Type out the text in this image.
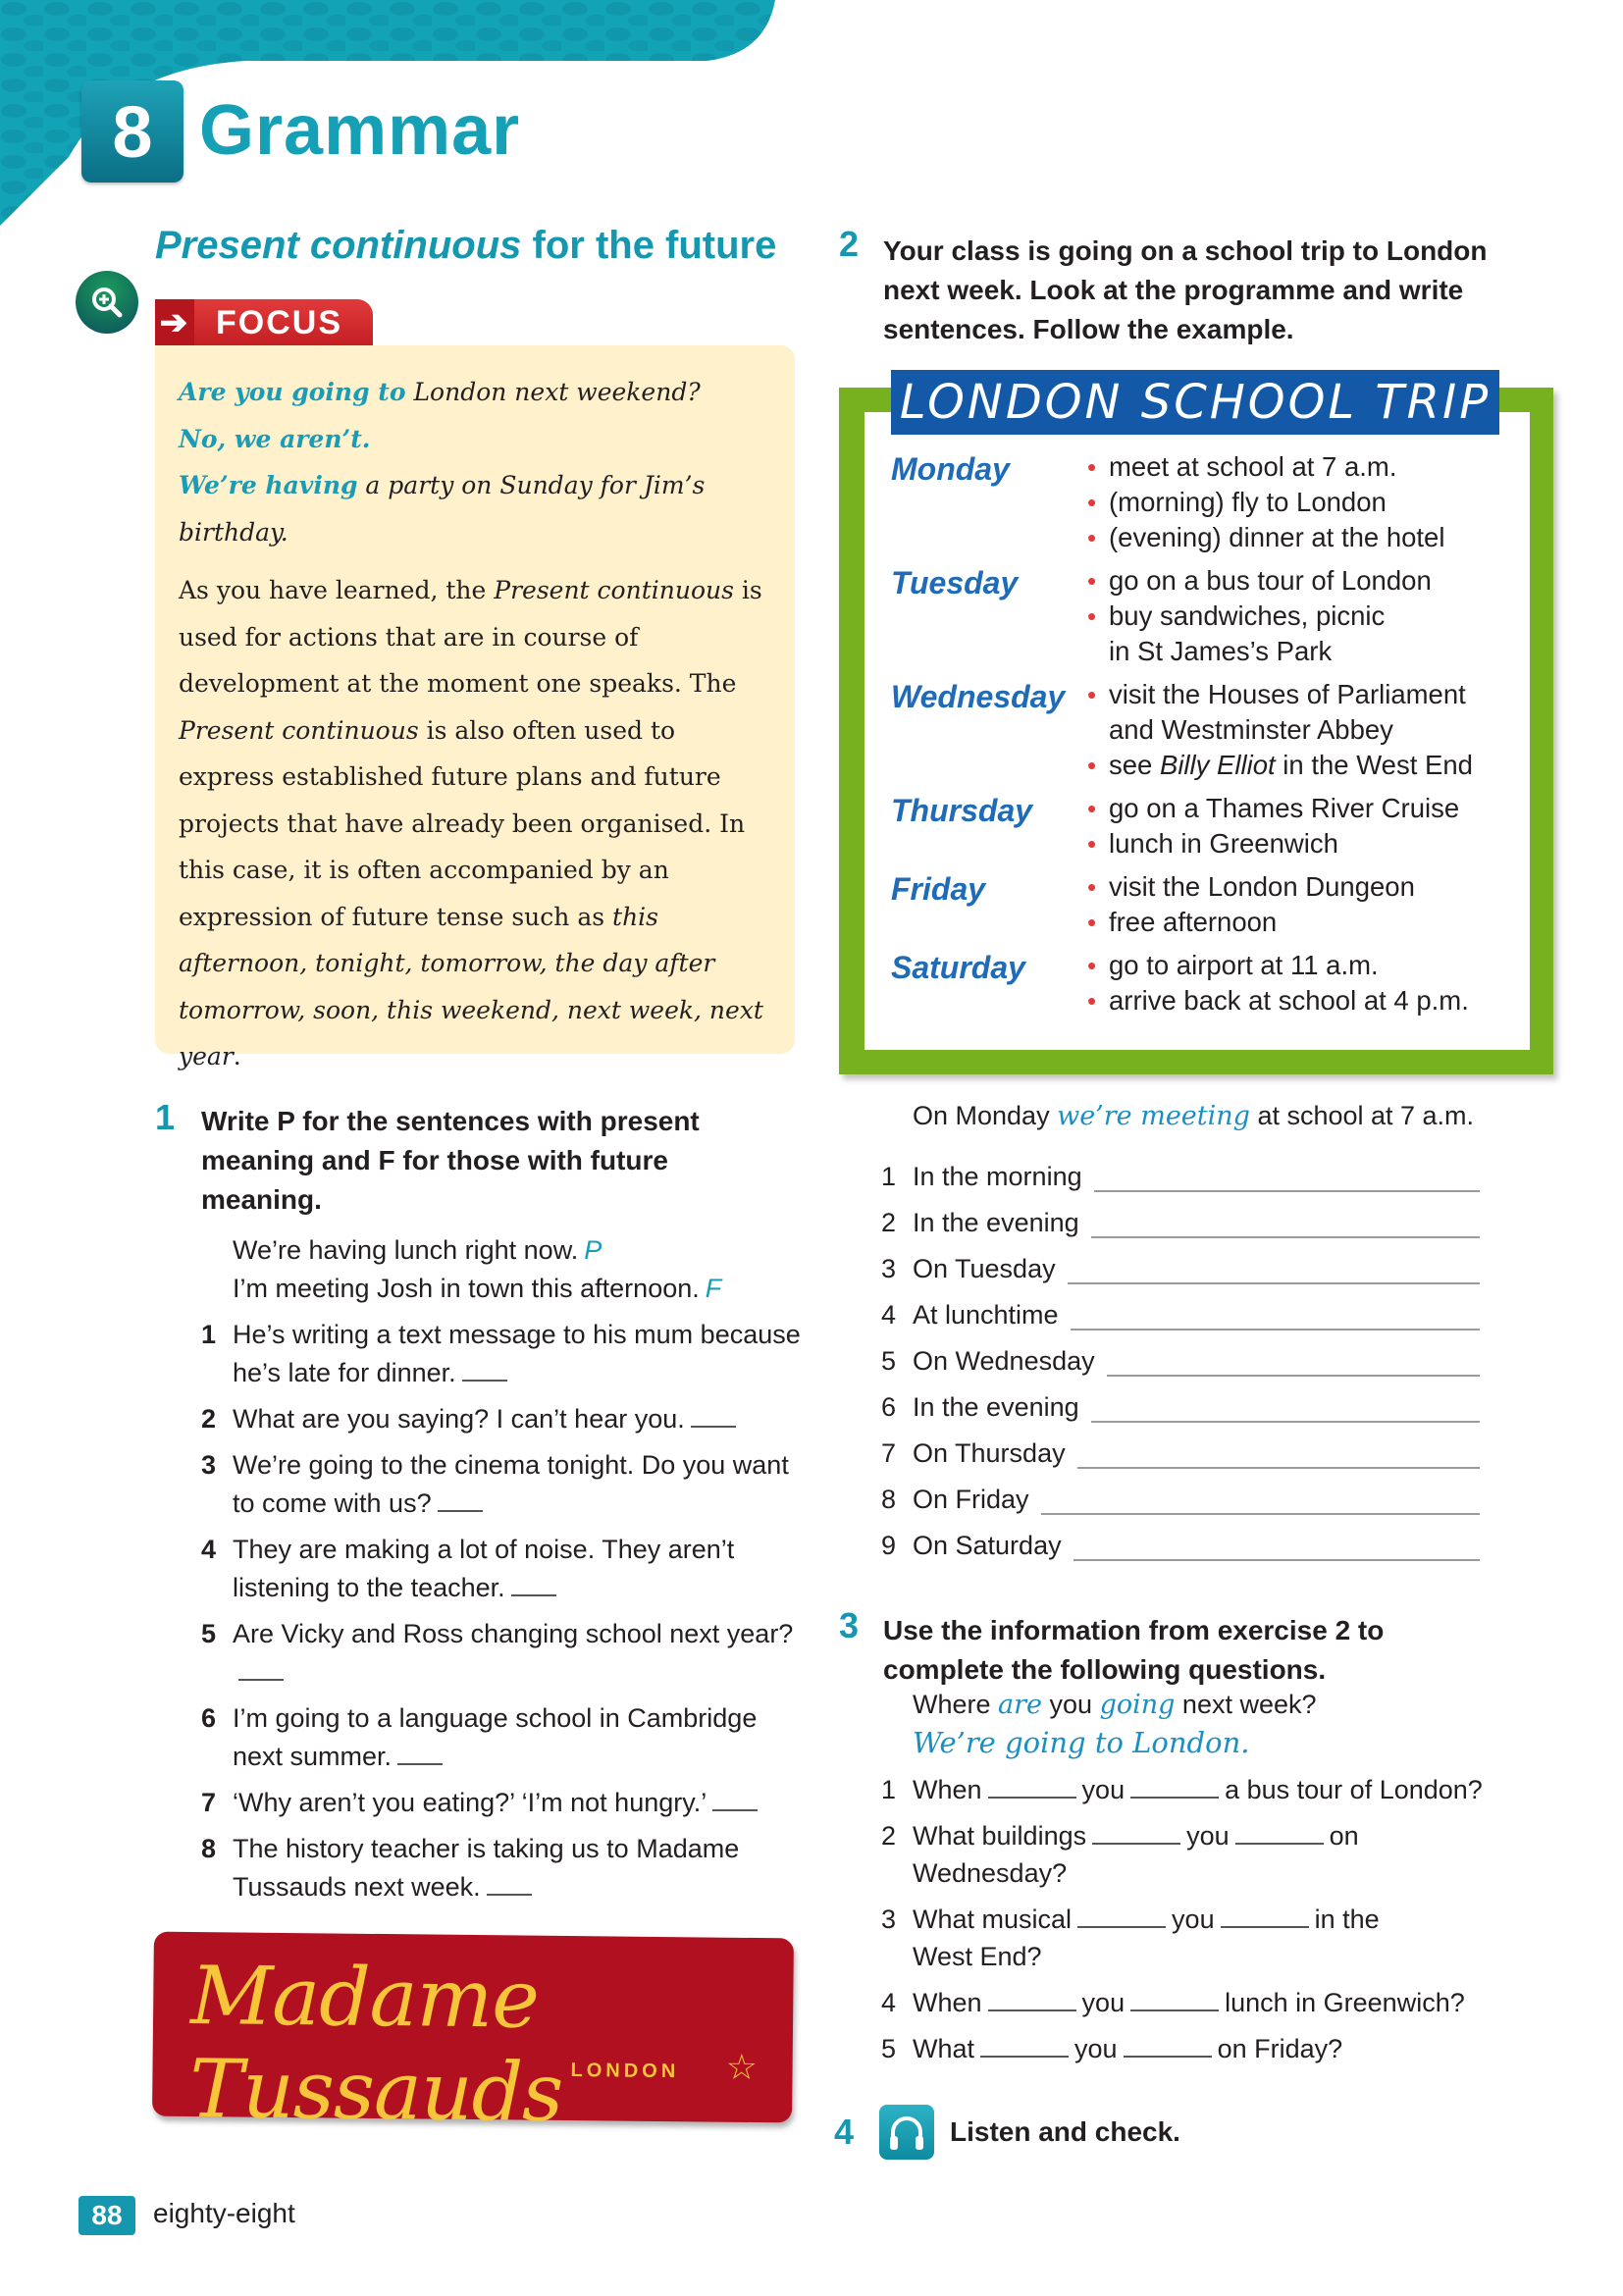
8 Grammar
Present continuous for the future
➔ FOCUS

Are you going to London next weekend?

No, we aren’t.

We’re having a party on Sunday for Jim’s birthday.

As you have learned, the Present continuous is used for actions that are in course of development at the moment one speaks. The Present continuous is also often used to express established future plans and future projects that have already been organised. In this case, it is often accompanied by an expression of future tense such as this afternoon, tonight, tomorrow, the day after tomorrow, soon, this weekend, next week, next year.

1 Write P for the sentences with present meaning and F for those with future meaning.
We’re having lunch right now. P
I’m meeting Josh in town this afternoon. F
1 He’s writing a text message to his mum because he’s late for dinner.
2 What are you saying? I can’t hear you.
3 We’re going to the cinema tonight. Do you want to come with us?
4 They are making a lot of noise. They aren’t listening to the teacher.
5 Are Vicky and Ross changing school next year?
6 I’m going to a language school in Cambridge next summer.
7 ‘Why aren’t you eating?’ ‘I’m not hungry.’
8 The history teacher is taking us to Madame Tussauds next week.
Madame Tussauds LONDON ☆
88	eighty-eight
2 Your class is going on a school trip to London next week. Look at the programme and write sentences. Follow the example.
LONDON SCHOOL TRIP
Monday	• meet at school at 7 a.m.
• (morning) fly to London
• (evening) dinner at the hotel
Tuesday	• go on a bus tour of London
• buy sandwiches, picnic in St James’s Park
Wednesday • visit the Houses of Parliament and Westminster Abbey
• see Billy Elliot in the West End
Thursday	• go on a Thames River Cruise
• lunch in Greenwich
Friday	• visit the London Dungeon
• free afternoon
Saturday	• go to airport at 11 a.m.
• arrive back at school at 4 p.m.
On Monday we’re meeting at school at 7 a.m.
1 In the morning
2 In the evening
3 On Tuesday
4 At lunchtime
5 On Wednesday
6 In the evening
7 On Thursday
8 On Friday
9 On Saturday
3 Use the information from exercise 2 to complete the following questions.
Where are you going next week?
We’re going to London.
1 When	you	a bus tour of London?
2 What buildings	you	on Wednesday?
3 What musical	you	in the West End?
4 When	you	lunch in Greenwich?
5 What	you	on Friday?
4	Listen and check.
